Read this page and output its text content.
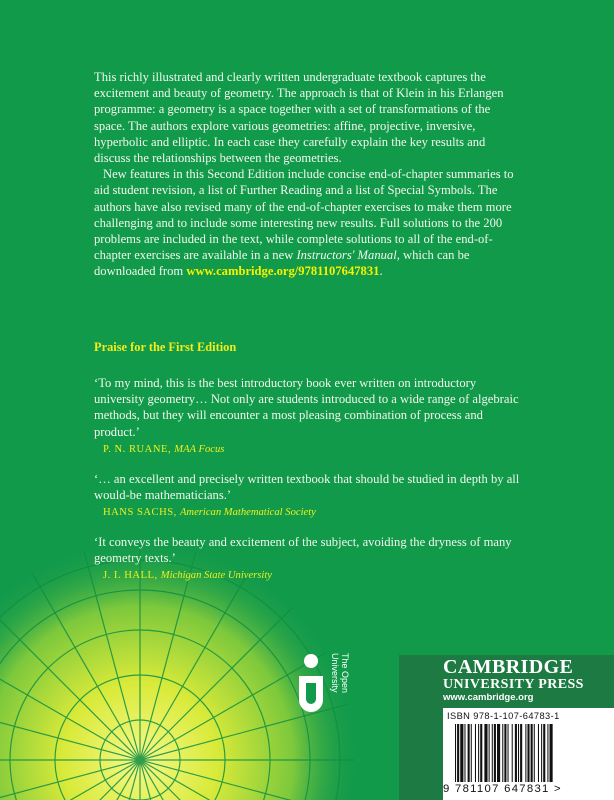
This richly illustrated and clearly written undergraduate textbook captures the excitement and beauty of geometry. The approach is that of Klein in his Erlangen programme: a geometry is a space together with a set of transformations of the space. The authors explore various geometries: affine, projective, inversive, hyperbolic and elliptic. In each case they carefully explain the key results and discuss the relationships between the geometries.

New features in this Second Edition include concise end-of-chapter summaries to aid student revision, a list of Further Reading and a list of Special Symbols. The authors have also revised many of the end-of-chapter exercises to make them more challenging and to include some interesting new results. Full solutions to the 200 problems are included in the text, while complete solutions to all of the end-of-chapter exercises are available in a new Instructors' Manual, which can be downloaded from www.cambridge.org/9781107647831.

Praise for the First Edition

‘To my mind, this is the best introductory book ever written on introductory university geometry… Not only are students introduced to a wide range of algebraic methods, but they will encounter a most pleasing combination of process and product.’

P. N. RUANE, MAA Focus

‘… an excellent and precisely written textbook that should be studied in depth by all would-be mathematicians.’

HANS SACHS, American Mathematical Society

‘It conveys the beauty and excitement of the subject, avoiding the dryness of many geometry texts.’

J. I. HALL, Michigan State University
The Open
University	CAMBRIDGE
UNIVERSITY PRESS
www.cambridge.org
ISBN 978-1-107-64783-1
9 781107 647831 >
